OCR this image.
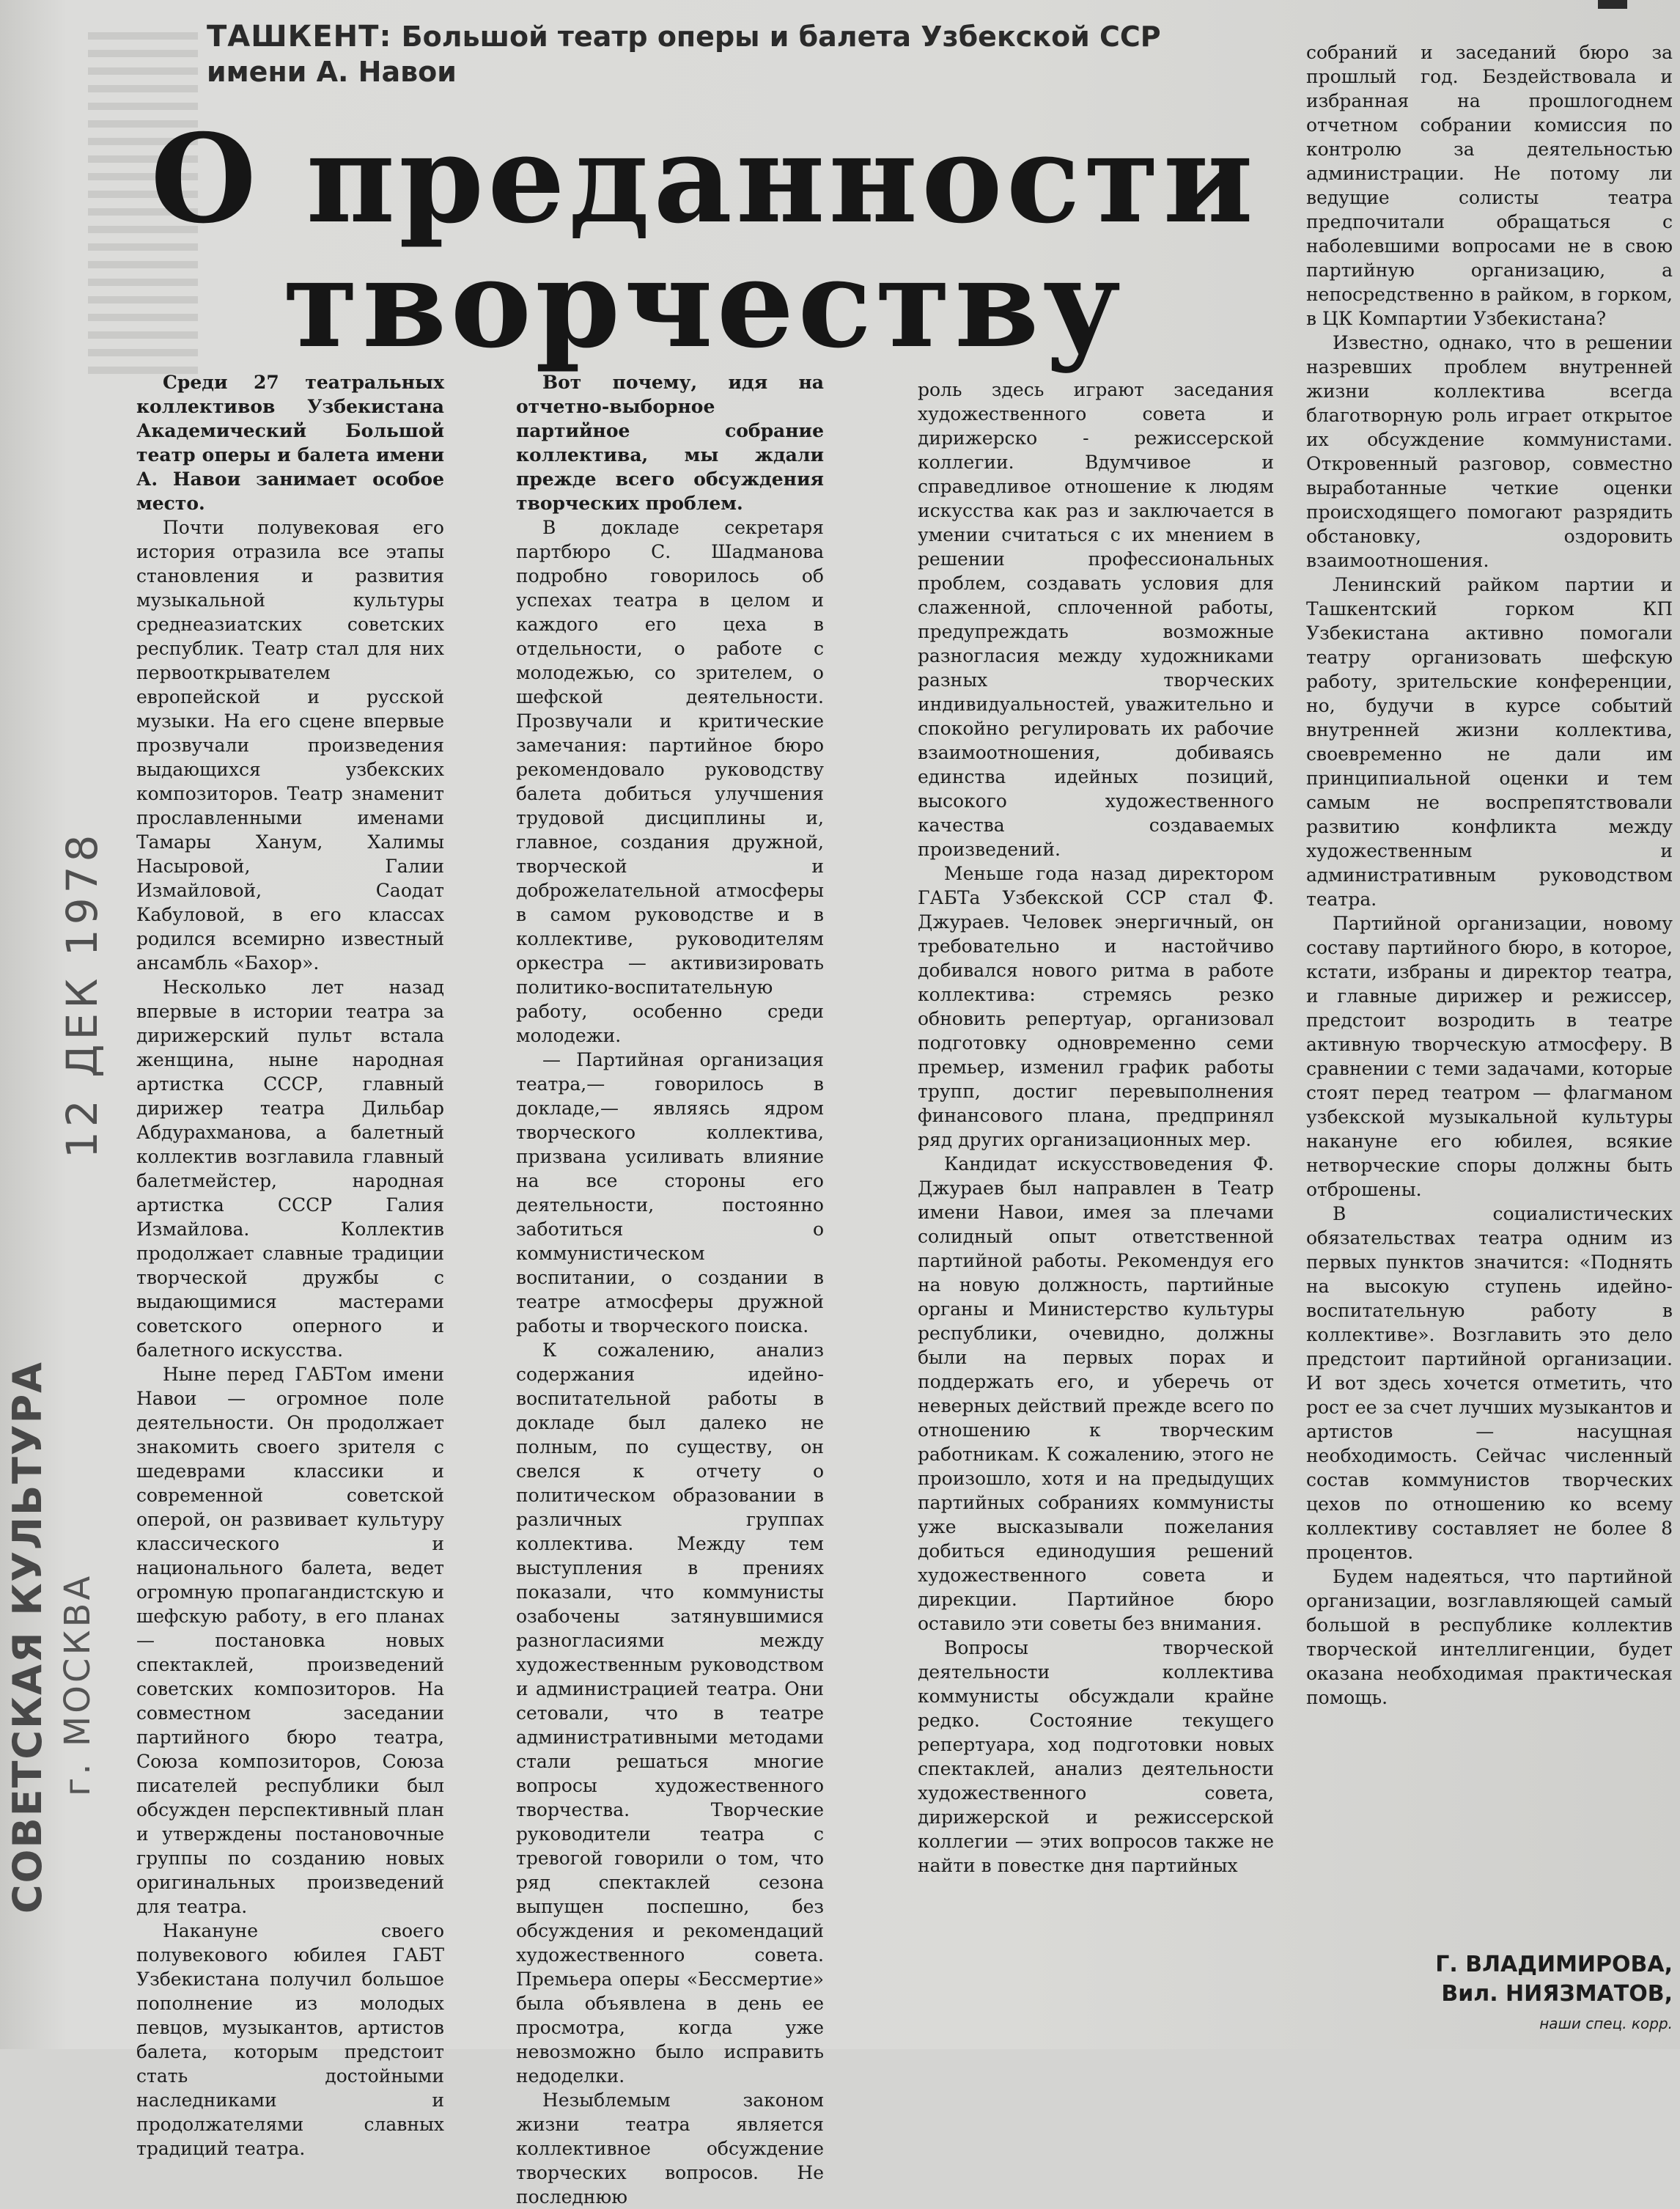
ТАШКЕНТ: Большой театр оперы и балета Узбекской ССР
имени А. Навои
О преданности
творчеству

Среди 27 театральных коллективов Узбекистана Академический Большой театр оперы и балета имени А. Навои занимает особое место.

Почти полувековая его история отразила все этапы становления и развития музыкальной культуры среднеазиатских советских республик. Театр стал для них первооткрывателем европейской и русской музыки. На его сцене впервые прозвучали произведения выдающихся узбекских композиторов. Театр знаменит прославленными именами Тамары Ханум, Халимы Насыровой, Галии Измайловой, Саодат Кабуловой, в его классах родился всемирно известный ансамбль «Бахор».

Несколько лет назад впервые в истории театра за дирижерский пульт встала женщина, ныне народная артистка СССР, главный дирижер театра Дильбар Абдурахманова, а балетный коллектив возглавила главный балетмейстер, народная артистка СССР Галия Измайлова. Коллектив продолжает славные традиции творческой дружбы с выдающимися мастерами советского оперного и балетного искусства.

Ныне перед ГАБТом имени Навои — огромное поле деятельности. Он продолжает знакомить своего зрителя с шедеврами классики и современной советской оперой, он развивает культуру классического и национального балета, ведет огромную пропагандистскую и шефскую работу, в его планах — постановка новых спектаклей, произведений советских композиторов. На совместном заседании партийного бюро театра, Союза композиторов, Союза писателей республики был обсужден перспективный план и утверждены постановочные группы по созданию новых оригинальных произведений для театра.

Накануне своего полувекового юбилея ГАБТ Узбекистана получил большое пополнение из молодых певцов, музыкантов, артистов балета, которым предстоит стать достойными наследниками и продолжателями славных традиций театра.

Вот почему, идя на отчетно-выборное партийное собрание коллектива, мы ждали прежде всего обсуждения творческих проблем.

В докладе секретаря партбюро С. Шадманова подробно говорилось об успехах театра в целом и каждого его цеха в отдельности, о работе с молодежью, со зрителем, о шефской деятельности. Прозвучали и критические замечания: партийное бюро рекомендовало руководству балета добиться улучшения трудовой дисциплины и, главное, создания дружной, творческой и доброжелательной атмосферы в самом руководстве и в коллективе, руководителям оркестра — активизировать политико-воспитательную работу, особенно среди молодежи.

— Партийная организация театра,— говорилось в докладе,— являясь ядром творческого коллектива, призвана усиливать влияние на все стороны его деятельности, постоянно заботиться о коммунистическом воспитании, о создании в театре атмосферы дружной работы и творческого поиска.

К сожалению, анализ содержания идейно-воспитательной работы в докладе был далеко не полным, по существу, он свелся к отчету о политическом образовании в различных группах коллектива. Между тем выступления в прениях показали, что коммунисты озабочены затянувшимися разногласиями между художественным руководством и администрацией театра. Они сетовали, что в театре административными методами стали решаться многие вопросы художественного творчества. Творческие руководители театра с тревогой говорили о том, что ряд спектаклей сезона выпущен поспешно, без обсуждения и рекомендаций художественного совета. Премьера оперы «Бессмертие» была объявлена в день ее просмотра, когда уже невозможно было исправить недоделки.

Незыблемым законом жизни театра является коллективное обсуждение творческих вопросов. Не последнюю

роль здесь играют заседания художественного совета и дирижерско - режиссерской коллегии. Вдумчивое и справедливое отношение к людям искусства как раз и заключается в умении считаться с их мнением в решении профессиональных проблем, создавать условия для слаженной, сплоченной работы, предупреждать возможные разногласия между художниками разных творческих индивидуальностей, уважительно и спокойно регулировать их рабочие взаимоотношения, добиваясь единства идейных позиций, высокого художественного качества создаваемых произведений.

Меньше года назад директором ГАБТа Узбекской ССР стал Ф. Джураев. Человек энергичный, он требовательно и настойчиво добивался нового ритма в работе коллектива: стремясь резко обновить репертуар, организовал подготовку одновременно семи премьер, изменил график работы трупп, достиг перевыполнения финансового плана, предпринял ряд других организационных мер.

Кандидат искусствоведения Ф. Джураев был направлен в Театр имени Навои, имея за плечами солидный опыт ответственной партийной работы. Рекомендуя его на новую должность, партийные органы и Министерство культуры республики, очевидно, должны были на первых порах и поддержать его, и уберечь от неверных действий прежде всего по отношению к творческим работникам. К сожалению, этого не произошло, хотя и на предыдущих партийных собраниях коммунисты уже высказывали пожелания добиться единодушия решений художественного совета и дирекции. Партийное бюро оставило эти советы без внимания.

Вопросы творческой деятельности коллектива коммунисты обсуждали крайне редко. Состояние текущего репертуара, ход подготовки новых спектаклей, анализ деятельности художественного совета, дирижерской и режиссерской коллегии — этих вопросов также не найти в повестке дня партийных

собраний и заседаний бюро за прошлый год. Бездействовала и избранная на прошлогоднем отчетном собрании комиссия по контролю за деятельностью администрации. Не потому ли ведущие солисты театра предпочитали обращаться с наболевшими вопросами не в свою партийную организацию, а непосредственно в райком, в горком, в ЦК Компартии Узбекистана?

Известно, однако, что в решении назревших проблем внутренней жизни коллектива всегда благотворную роль играет открытое их обсуждение коммунистами. Откровенный разговор, совместно выработанные четкие оценки происходящего помогают разрядить обстановку, оздоровить взаимоотношения.

Ленинский райком партии и Ташкентский горком КП Узбекистана активно помогали театру организовать шефскую работу, зрительские конференции, но, будучи в курсе событий внутренней жизни коллектива, своевременно не дали им принципиальной оценки и тем самым не воспрепятствовали развитию конфликта между художественным и административным руководством театра.

Партийной организации, новому составу партийного бюро, в которое, кстати, избраны и директор театра, и главные дирижер и режиссер, предстоит возродить в театре активную творческую атмосферу. В сравнении с теми задачами, которые стоят перед театром — флагманом узбекской музыкальной культуры накануне его юбилея, всякие нетворческие споры должны быть отброшены.

В социалистических обязательствах театра одним из первых пунктов значится: «Поднять на высокую ступень идейно-воспитательную работу в коллективе». Возглавить это дело предстоит партийной организации. И вот здесь хочется отметить, что рост ее за счет лучших музыкантов и артистов — насущная необходимость. Сейчас численный состав коммунистов творческих цехов по отношению ко всему коллективу составляет не более 8 процентов.

Будем надеяться, что партийной организации, возглавляющей самый большой в республике коллектив творческой интеллигенции, будет оказана необходимая практическая помощь.

Г. ВЛАДИМИРОВА,
Вил. НИЯЗМАТОВ,
наши спец. корр.
12 ДЕК 1978
СОВЕТСКАЯ КУЛЬТУРА г. МОСКВА
